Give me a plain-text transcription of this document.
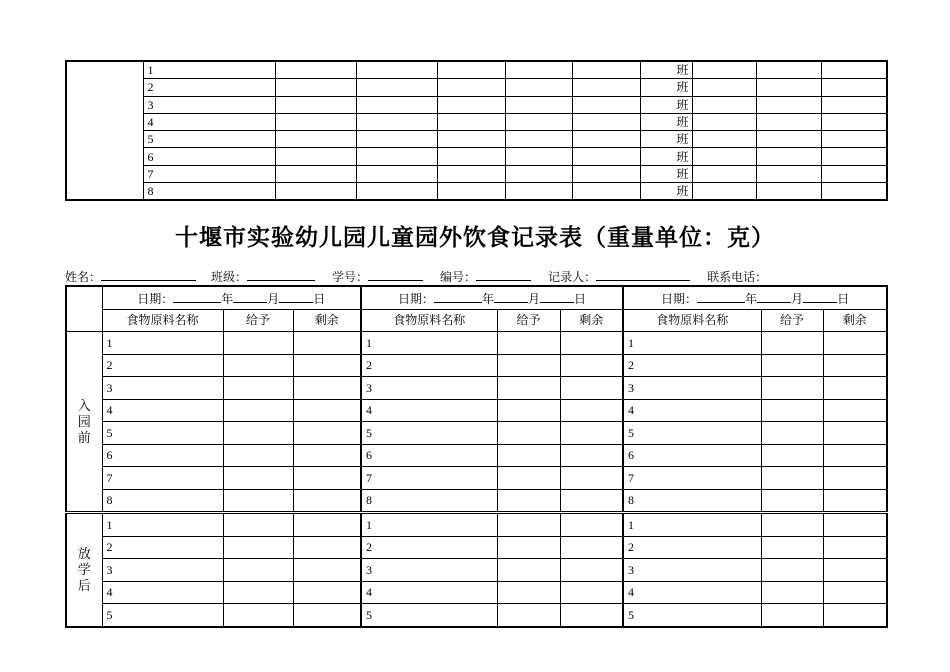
	1						班			
	2						班			
	3						班			
	4						班			
	5						班			
	6						班			
	7						班			
	8						班			
十堰市实验幼儿园儿童园外饮食记录表（重量单位：克）
姓名：	班级：	学号：	编号：	记录人：	联系电话：
	日期： 年 月 日			日期： 年 月 日			日期： 年 月 日		
	食物原料名称	给予	剩余	食物原料名称	给予	剩余	食物原料名称	给予	剩余

入
园
前	1			1			1		
	2			2			2		
	3			3			3		
	4			4			4		
	5			5			5		
	6			6			6		
	7			7			7		
	8			8			8		

放
学
后	1			1			1		
	2			2			2		
	3			3			3		
	4			4			4		
	5			5			5		
